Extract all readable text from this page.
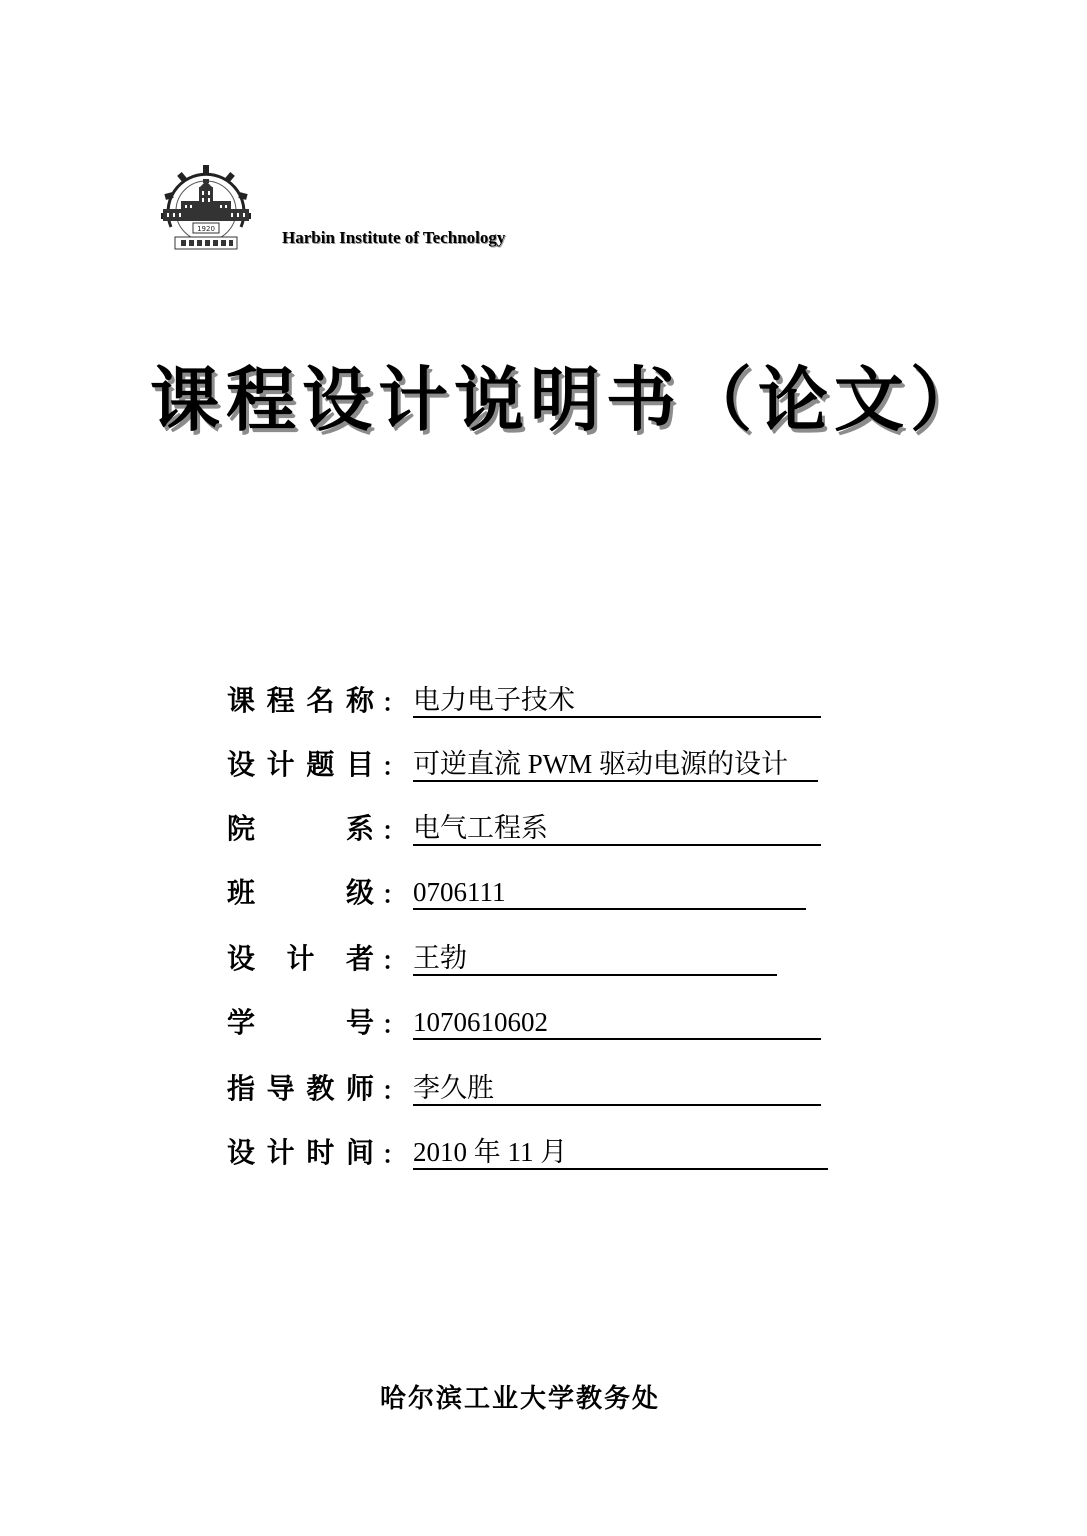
1920	Harbin Institute of Technology
课程设计说明书（论文）
课 程 名 称 ： 电力电子技术
设 计 题 目 ： 可逆直流 PWM 驱动电源的设计
院	系 ： 电气工程系
班	级 ： 0706111
设 计 者 ： 王勃
学	号 ： 1070610602
指 导 教 师 ： 李久胜
设 计 时 间 ： 2010 年 11 月
哈尔滨工业大学教务处
